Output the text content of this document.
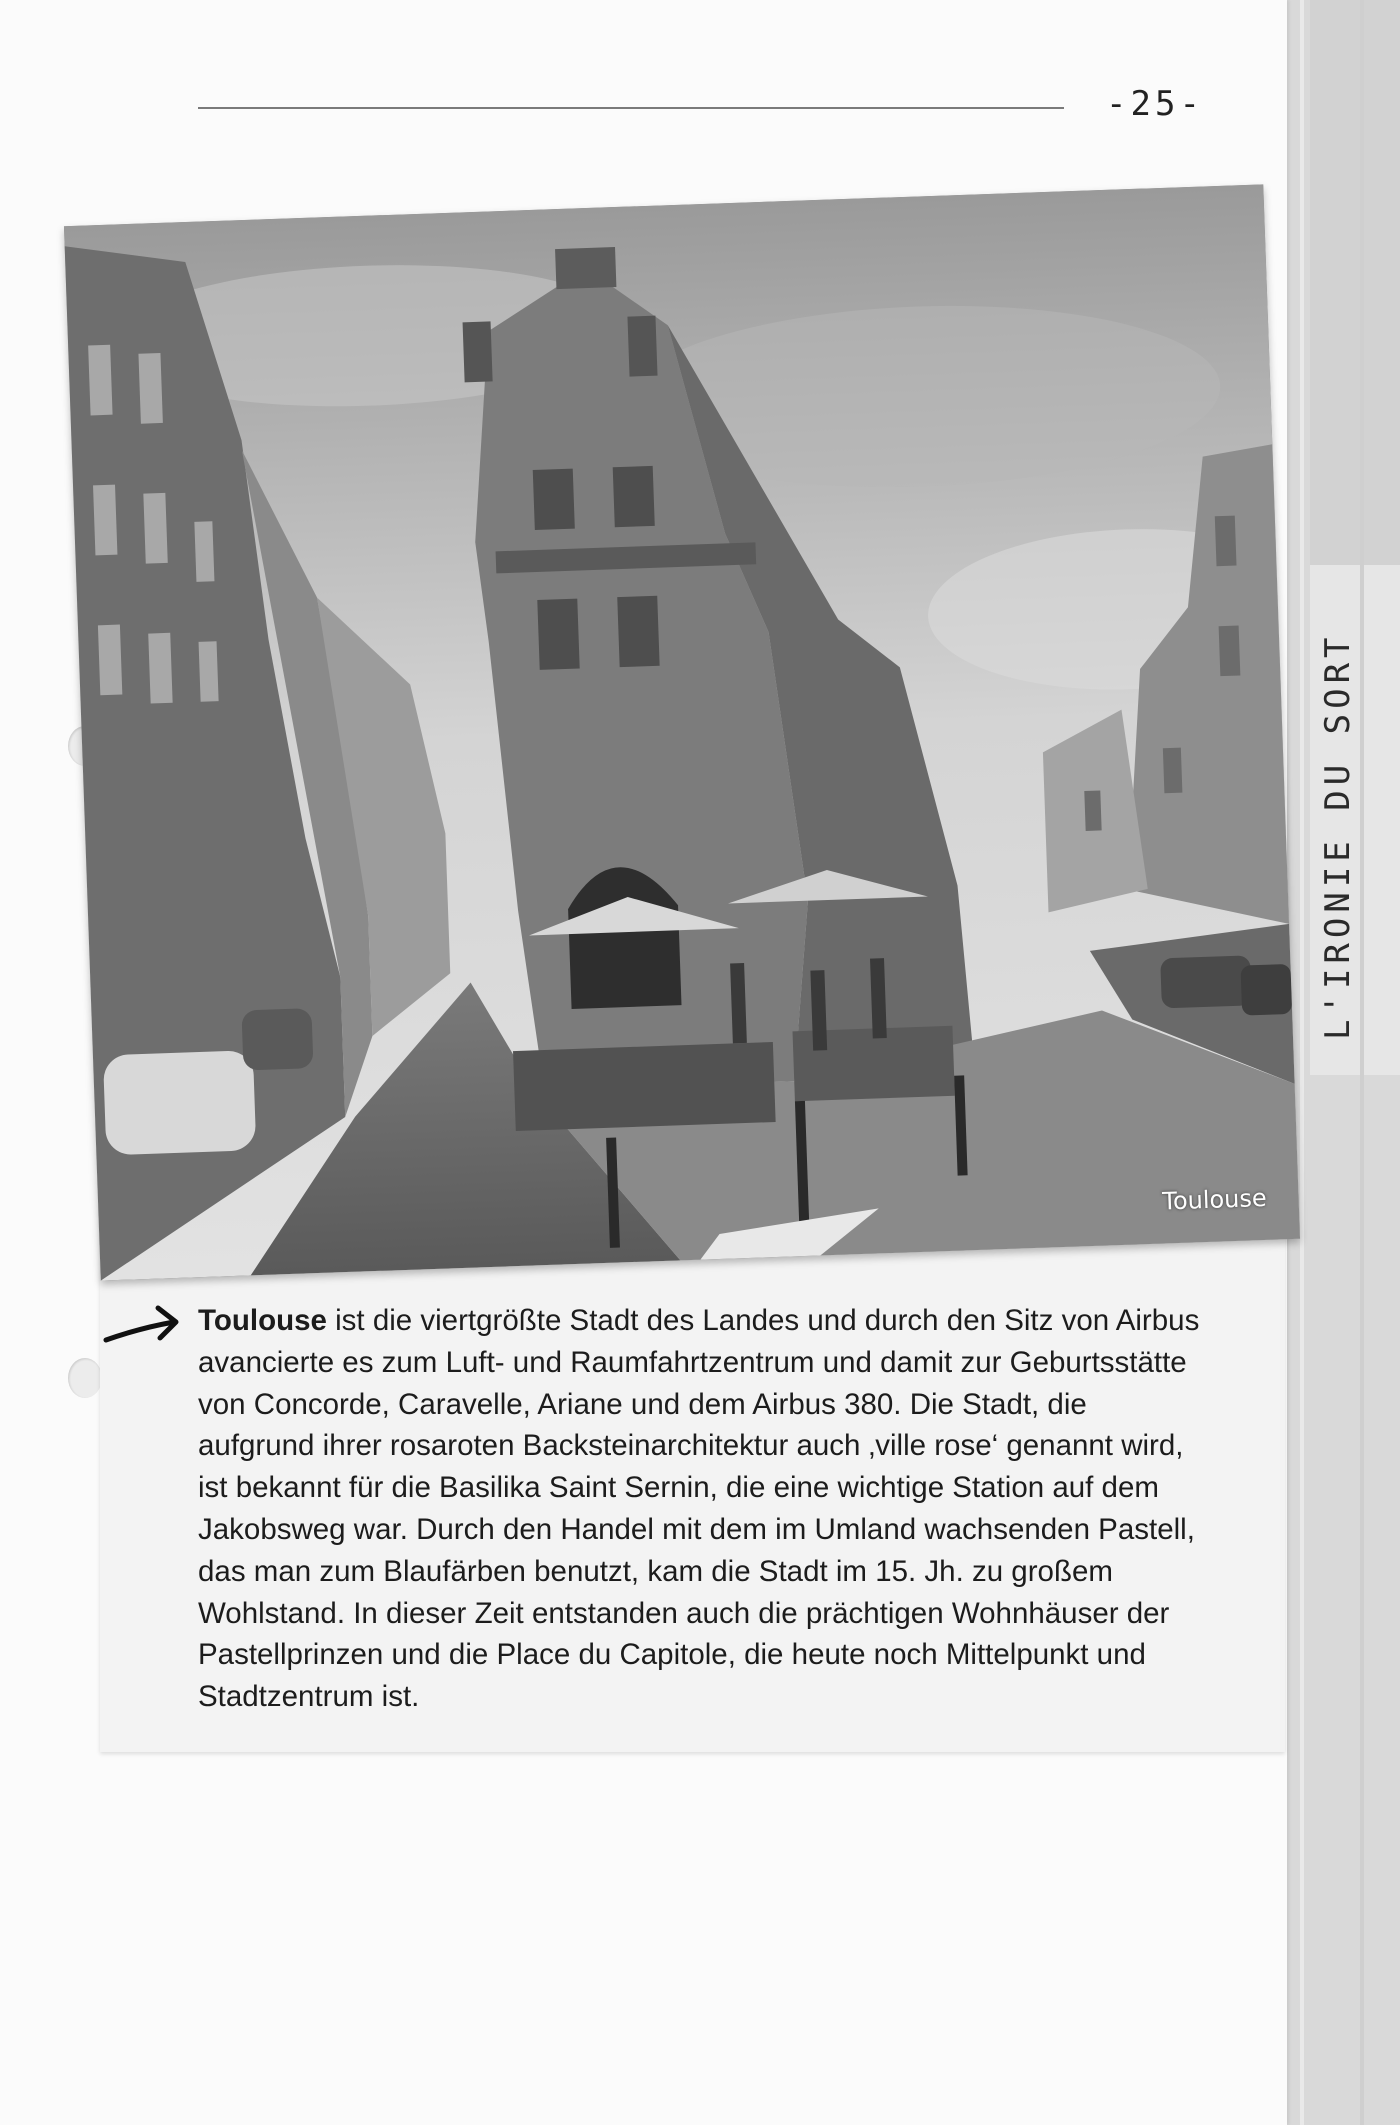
-25-
L'IRONIE DU SORT
Toulouse
Toulouse ist die viertgrößte Stadt des Landes und durch den Sitz von Airbus avancierte es zum Luft- und Raumfahrtzentrum und damit zur Geburtsstätte von Concorde, Caravelle, Ariane und dem Airbus 380. Die Stadt, die aufgrund ihrer rosaroten Backsteinarchitektur auch ‚ville rose‘ genannt wird, ist bekannt für die Basilika Saint Sernin, die eine wichtige Station auf dem Jakobsweg war. Durch den Handel mit dem im Umland wachsenden Pastell, das man zum Blaufärben benutzt, kam die Stadt im 15. Jh. zu großem Wohlstand. In dieser Zeit entstanden auch die prächtigen Wohnhäuser der Pastellprinzen und die Place du Capitole, die heute noch Mittelpunkt und Stadtzentrum ist.
